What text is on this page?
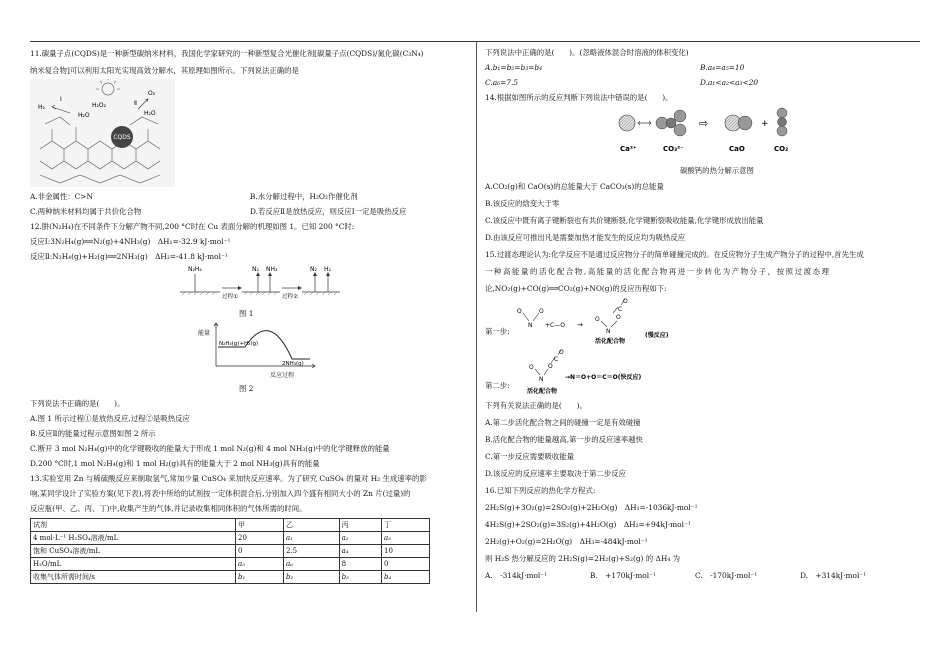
11.碳量子点(CQDS)是一种新型碳纳米材料，我国化学家研究的一种新型复合光催化剂[碳量子点(CQDS)/氮化碳(C₃N₄)
纳米复合物]可以利用太阳光实现高效分解水，其原理如图所示。下列说法正确的是
CQDS
H₂
Ⅰ
H₂O
H₂O₂	Ⅱ
O₂
H₂O
A.非金属性：C>N	B.水分解过程中，H₂O₂作催化剂
C.两种纳米材料均属于共价化合物	D.若反应Ⅱ是放热反应，则反应Ⅰ一定是吸热反应
12.肼(N₂H₄)在不同条件下分解产物不同,200 °C时在 Cu 表面分解的机理如图 1。已知 200 °C时:
反应Ⅰ:3N₂H₄(g)══N₂(g)+4NH₃(g)　ΔH₁=-32.9 kJ·mol⁻¹
反应Ⅱ:N₂H₄(g)+H₂(g)══2NH₃(g)　ΔH₂=-41.8 kJ·mol⁻¹
N₂H₄	N₂ NH₃	N₂ H₂
过程①	过程②
图 1
能量
N₂H₄(g)+H₂(g)
2NH₃(g)
反应过程
图 2
下列说法不正确的是(　　)。
A.图 1 所示过程①是放热反应,过程②是吸热反应
B.反应Ⅱ的能量过程示意图如图 2 所示
C.断开 3 mol N₂H₄(g)中的化学键吸收的能量大于形成 1 mol N₂(g)和 4 mol NH₃(g)中的化学键释放的能量
D.200 °C时,1 mol N₂H₄(g)和 1 mol H₂(g)具有的能量大于 2 mol NH₃(g)具有的能量
13.实验室用 Zn 与稀硫酸反应来制取氢气,常加少量 CuSO₄ 来加快反应速率。为了研究 CuSO₄ 的量对 H₂ 生成速率的影
响,某同学设计了实验方案(见下表),将表中所给的试剂按一定体积混合后,分别加入四个盛有相同大小的 Zn 片(过量)的
反应瓶(甲、乙、丙、丁)中,收集产生的气体,并记录收集相同体积的气体所需的时间。
试剂	甲	乙	丙	丁
4 mol·L⁻¹ H₂SO₄溶液/mL	20	a₁	a₂	a₃
饱和 CuSO₄溶液/mL	0	2.5	a₄	10
H₂O/mL	a₅	a₆	8	0
收集气体所需时间/s	b₁	b₂	b₃	b₄
下列说法中正确的是(　　)。(忽略液体混合时溶液的体积变化)
A.b₁=b₂=b₃=b₄	B.a₄=a₅=10
C.a₆=7.5	D.a₁<a₂<a₃<20
14.根据如图所示的反应判断下列说法中错误的是(　　)。
⇨	+
Ca²⁺	CO₃²⁻	CaO	CO₂
碳酸钙的热分解示意图
A.CO₂(g)和 CaO(s)的总能量大于 CaCO₃(s)的总能量
B.该反应的焓变大于零
C.该反应中既有离子键断裂也有共价键断裂,化学键断裂吸收能量,化学键形成放出能量
D.由该反应可推出凡是需要加热才能发生的反应均为吸热反应
15.过渡态理论认为:化学反应不是通过反应物分子的简单碰撞完成的。在反应物分子生成产物分子的过程中,首先生成
一种高能量的活化配合物,高能量的活化配合物再进一步转化为产物分子，按照过渡态理
论,NO₂(g)+CO(g)══CO₂(g)+NO(g)的反应历程如下:
第一步:
O
N
O
+C—O →
O
N
O
C
O
活化配合物
(慢反应)
第二步:
O
N
O
C
O
→N＝O+O＝C＝O(快反应)
活化配合物
下列有关说法正确的是(　　)。
A.第二步活化配合物之间的碰撞一定是有效碰撞
B.活化配合物的能量越高,第一步的反应速率越快
C.第一步反应需要吸收能量
D.该反应的反应速率主要取决于第二步反应
16.已知下列反应的热化学方程式:
2H₂S(g)+3O₂(g)=2SO₂(g)+2H₂O(g)　ΔH₁=-1036kJ·mol⁻¹
4H₂S(g)+2SO₂(g)=3S₂(g)+4H₂O(g)　ΔH₂=+94kJ·mol⁻¹
2H₂(g)+O₂(g)=2H₂O(g)　ΔH₃=-484kJ·mol⁻¹
则 H₂S 热分解反应的 2H₂S(g)=2H₂(g)+S₂(g) 的 ΔH₄ 为
A.　-314kJ·mol⁻¹	B.　+170kJ·mol⁻¹	C.　-170kJ·mol⁻¹	D.　+314kJ·mol⁻¹
